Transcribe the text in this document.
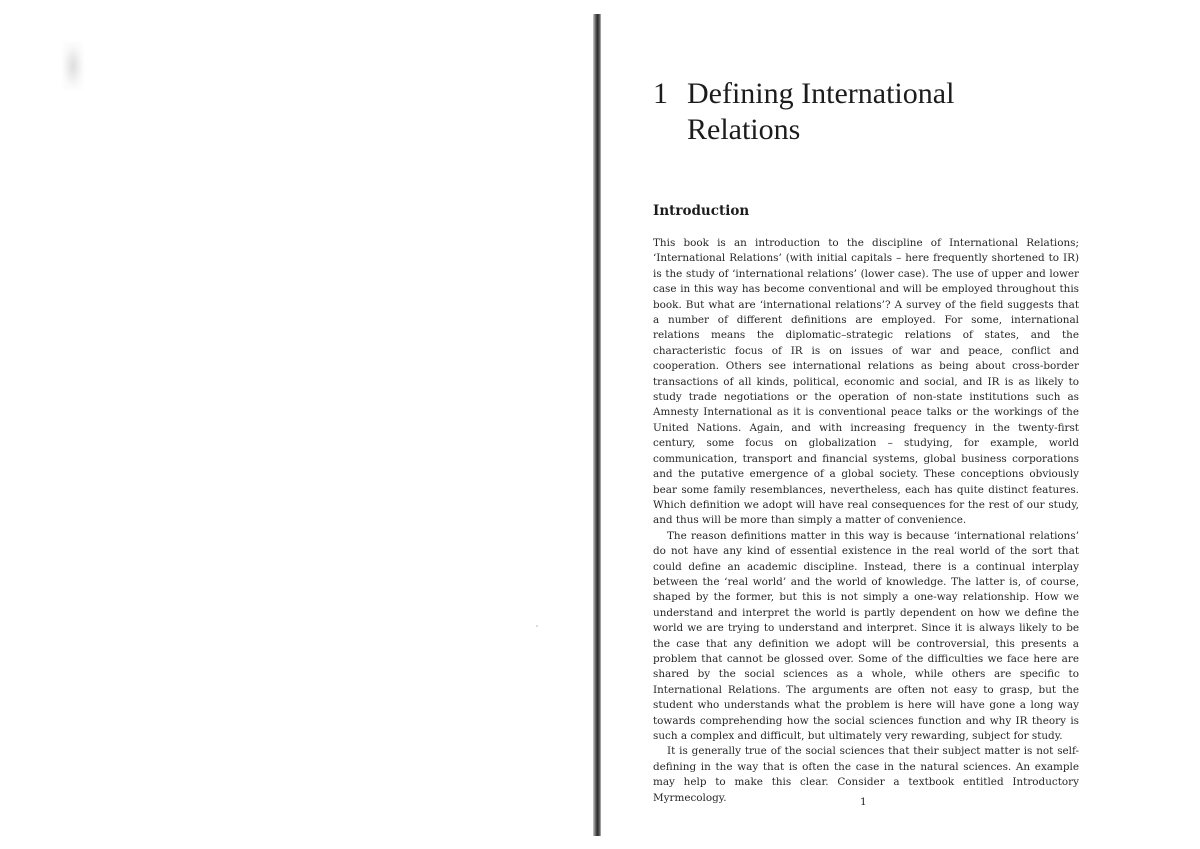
1 Defining International
Relations
Introduction

This book is an introduction to the discipline of International Relations; ‘International Relations’ (with initial capitals – here frequently shortened to IR) is the study of ‘international relations’ (lower case). The use of upper and lower case in this way has become conventional and will be employed throughout this book. But what are ‘international relations’? A survey of the field suggests that a number of different definitions are employed. For some, international relations means the diplomatic–strategic relations of states, and the characteristic focus of IR is on issues of war and peace, conflict and cooperation. Others see international relations as being about cross-border transactions of all kinds, political, economic and social, and IR is as likely to study trade negotiations or the operation of non-state institutions such as Amnesty International as it is conventional peace talks or the workings of the United Nations. Again, and with increasing frequency in the twenty-first century, some focus on globalization – studying, for example, world communication, transport and financial systems, global business corporations and the putative emergence of a global society. These conceptions obviously bear some family resemblances, nevertheless, each has quite distinct features. Which definition we adopt will have real consequences for the rest of our study, and thus will be more than simply a matter of convenience.

The reason definitions matter in this way is because ‘international relations’ do not have any kind of essential existence in the real world of the sort that could define an academic discipline. Instead, there is a continual interplay between the ‘real world’ and the world of knowledge. The latter is, of course, shaped by the former, but this is not simply a one-way relationship. How we understand and interpret the world is partly dependent on how we define the world we are trying to understand and interpret. Since it is always likely to be the case that any definition we adopt will be controversial, this presents a problem that cannot be glossed over. Some of the difficulties we face here are shared by the social sciences as a whole, while others are specific to International Relations. The arguments are often not easy to grasp, but the student who understands what the problem is here will have gone a long way towards comprehending how the social sciences function and why IR theory is such a complex and difficult, but ultimately very rewarding, subject for study.

It is generally true of the social sciences that their subject matter is not self-defining in the way that is often the case in the natural sciences. An example may help to make this clear. Consider a textbook entitled Introductory Myrmecology.	1
